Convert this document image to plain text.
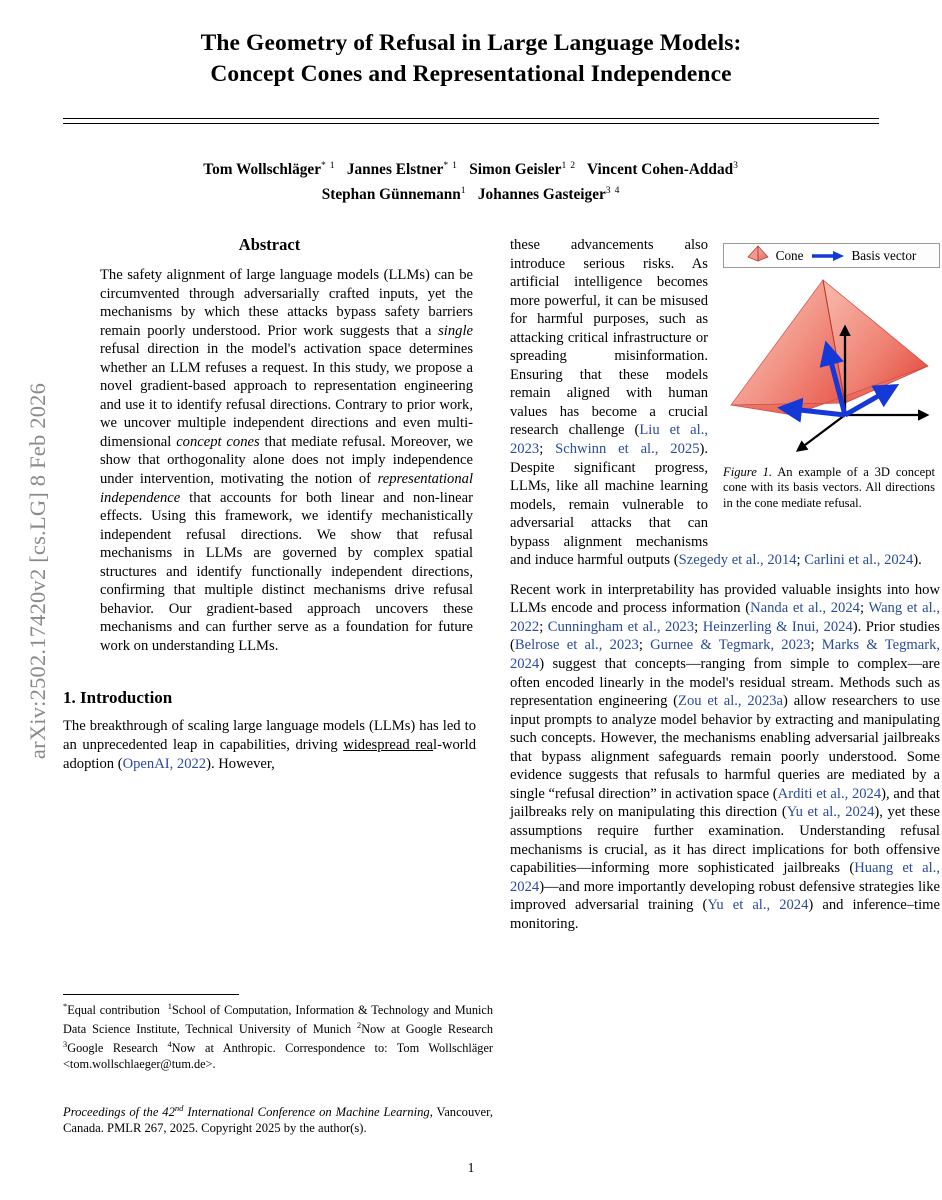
arXiv:2502.17420v2 [cs.LG] 8 Feb 2026
The Geometry of Refusal in Large Language Models:
Concept Cones and Representational Independence
Tom Wollschläger$^{* 1}$ Jannes Elstner$^{* 1}$ Simon Geisler$^{1 2}$ Vincent Cohen-Addad$^3$
Stephan Günnemann$^1$ Johannes Gasteiger$^{3 4}$
Abstract

The safety alignment of large language models (LLMs) can be circumvented through adversarially crafted inputs, yet the mechanisms by which these attacks bypass safety barriers remain poorly understood. Prior work suggests that a single refusal direction in the model's activation space determines whether an LLM refuses a request. In this study, we propose a novel gradient-based approach to representation engineering and use it to identify refusal directions. Contrary to prior work, we uncover multiple independent directions and even multi-dimensional concept cones that mediate refusal. Moreover, we show that orthogonality alone does not imply independence under intervention, motivating the notion of representational independence that accounts for both linear and non-linear effects. Using this framework, we identify mechanistically independent refusal directions. We show that refusal mechanisms in LLMs are governed by complex spatial structures and identify functionally independent directions, confirming that multiple distinct mechanisms drive refusal behavior. Our gradient-based approach uncovers these mechanisms and can further serve as a foundation for future work on understanding LLMs.

1. Introduction

The breakthrough of scaling large language models (LLMs) has led to an unprecedented leap in capabilities, driving widespread real-world adoption (OpenAI, 2022). However,

*Equal contribution $^1$School of Computation, Information & Technology and Munich Data Science Institute, Technical University of Munich $^2$Now at Google Research $^3$Google Research $^4$Now at Anthropic. Correspondence to: Tom Wollschläger <tom.wollschlaeger@tum.de>.
Proceedings of the 42nd International Conference on Machine Learning, Vancouver, Canada. PMLR 267, 2025. Copyright 2025 by the author(s).

these advancements also introduce serious risks. As artificial intelligence becomes more powerful, it can be misused for harmful purposes, such as attacking critical infrastructure or spreading misinformation. Ensuring that these models remain aligned with human values has become a crucial research challenge (Liu et al., 2023; Schwinn et al., 2025). Despite significant progress, LLMs, like all machine learning models, remain vulnerable to adversarial attacks that can bypass alignment mechanisms and induce harmful outputs (Szegedy et al., 2014; Carlini et al., 2024).

Recent work in interpretability has provided valuable insights into how LLMs encode and process information (Nanda et al., 2024; Wang et al., 2022; Cunningham et al., 2023; Heinzerling & Inui, 2024). Prior studies (Belrose et al., 2023; Gurnee & Tegmark, 2023; Marks & Tegmark, 2024) suggest that concepts—ranging from simple to complex—are often encoded linearly in the model's residual stream. Methods such as representation engineering (Zou et al., 2023a) allow researchers to use input prompts to analyze model behavior by extracting and manipulating such concepts. However, the mechanisms enabling adversarial jailbreaks that bypass alignment safeguards remain poorly understood. Some evidence suggests that refusals to harmful queries are mediated by a single “refusal direction” in activation space (Arditi et al., 2024), and that jailbreaks rely on manipulating this direction (Yu et al., 2024), yet these assumptions require further examination. Understanding refusal mechanisms is crucial, as it has direct implications for both offensive capabilities—informing more sophisticated jailbreaks (Huang et al., 2024)—and more importantly developing robust defensive strategies like improved adversarial training (Yu et al., 2024) and inference–time monitoring.

Cone	Basis vector
Figure 1. An example of a 3D concept cone with its basis vectors. All directions in the cone mediate refusal.
1
